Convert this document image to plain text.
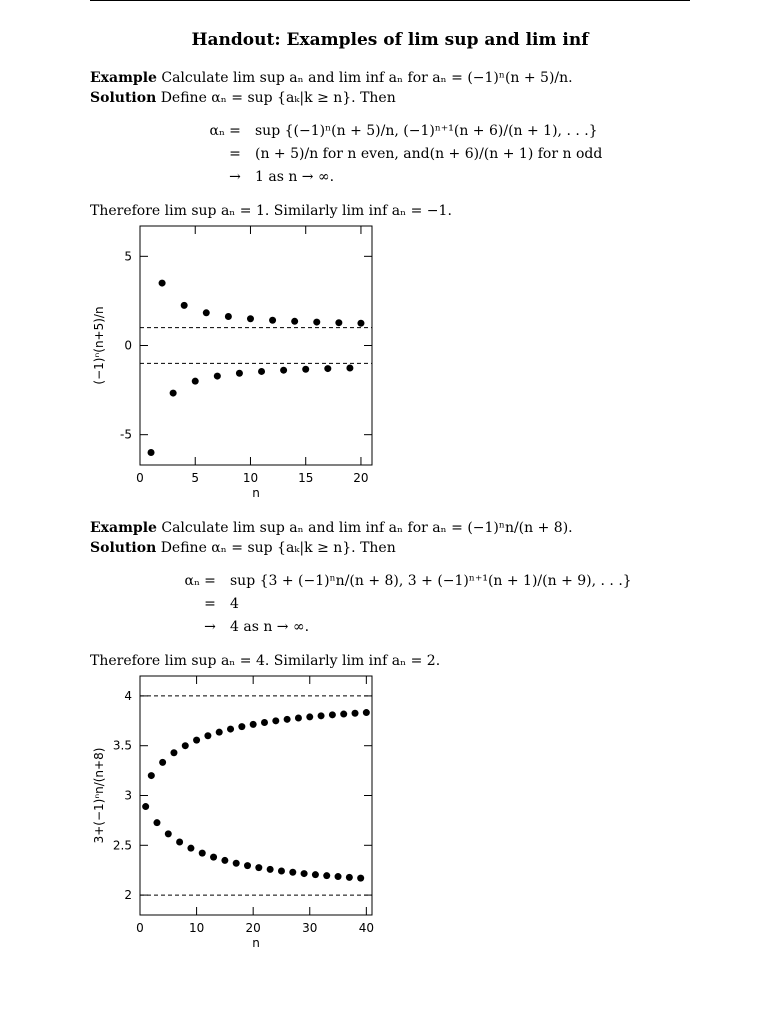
Handout: Examples of lim sup and lim inf
Example Calculate lim sup aₙ and lim inf aₙ for aₙ = (−1)ⁿ(n + 5)/n.
Solution Define αₙ = sup {aₖ|k ≥ n}. Then
αₙ = sup {(−1)ⁿ(n + 5)/n, (−1)ⁿ⁺¹(n + 6)/(n + 1), . . .}
= (n + 5)/n for n even, and(n + 6)/(n + 1) for n odd
→ 1 as n → ∞.
Therefore lim sup aₙ = 1. Similarly lim inf aₙ = −1.
0	5	10	15	20
-5
0
5
n
(−1)ⁿ(n+5)/n
Example Calculate lim sup aₙ and lim inf aₙ for aₙ = (−1)ⁿn/(n + 8).
Solution Define αₙ = sup {aₖ|k ≥ n}. Then
αₙ = sup {3 + (−1)ⁿn/(n + 8), 3 + (−1)ⁿ⁺¹(n + 1)/(n + 9), . . .}
= 4
→ 4 as n → ∞.
Therefore lim sup aₙ = 4. Similarly lim inf aₙ = 2.
0	10	20	30	40
2
2.5
3
3.5
4
n
3+(−1)ⁿn/(n+8)
